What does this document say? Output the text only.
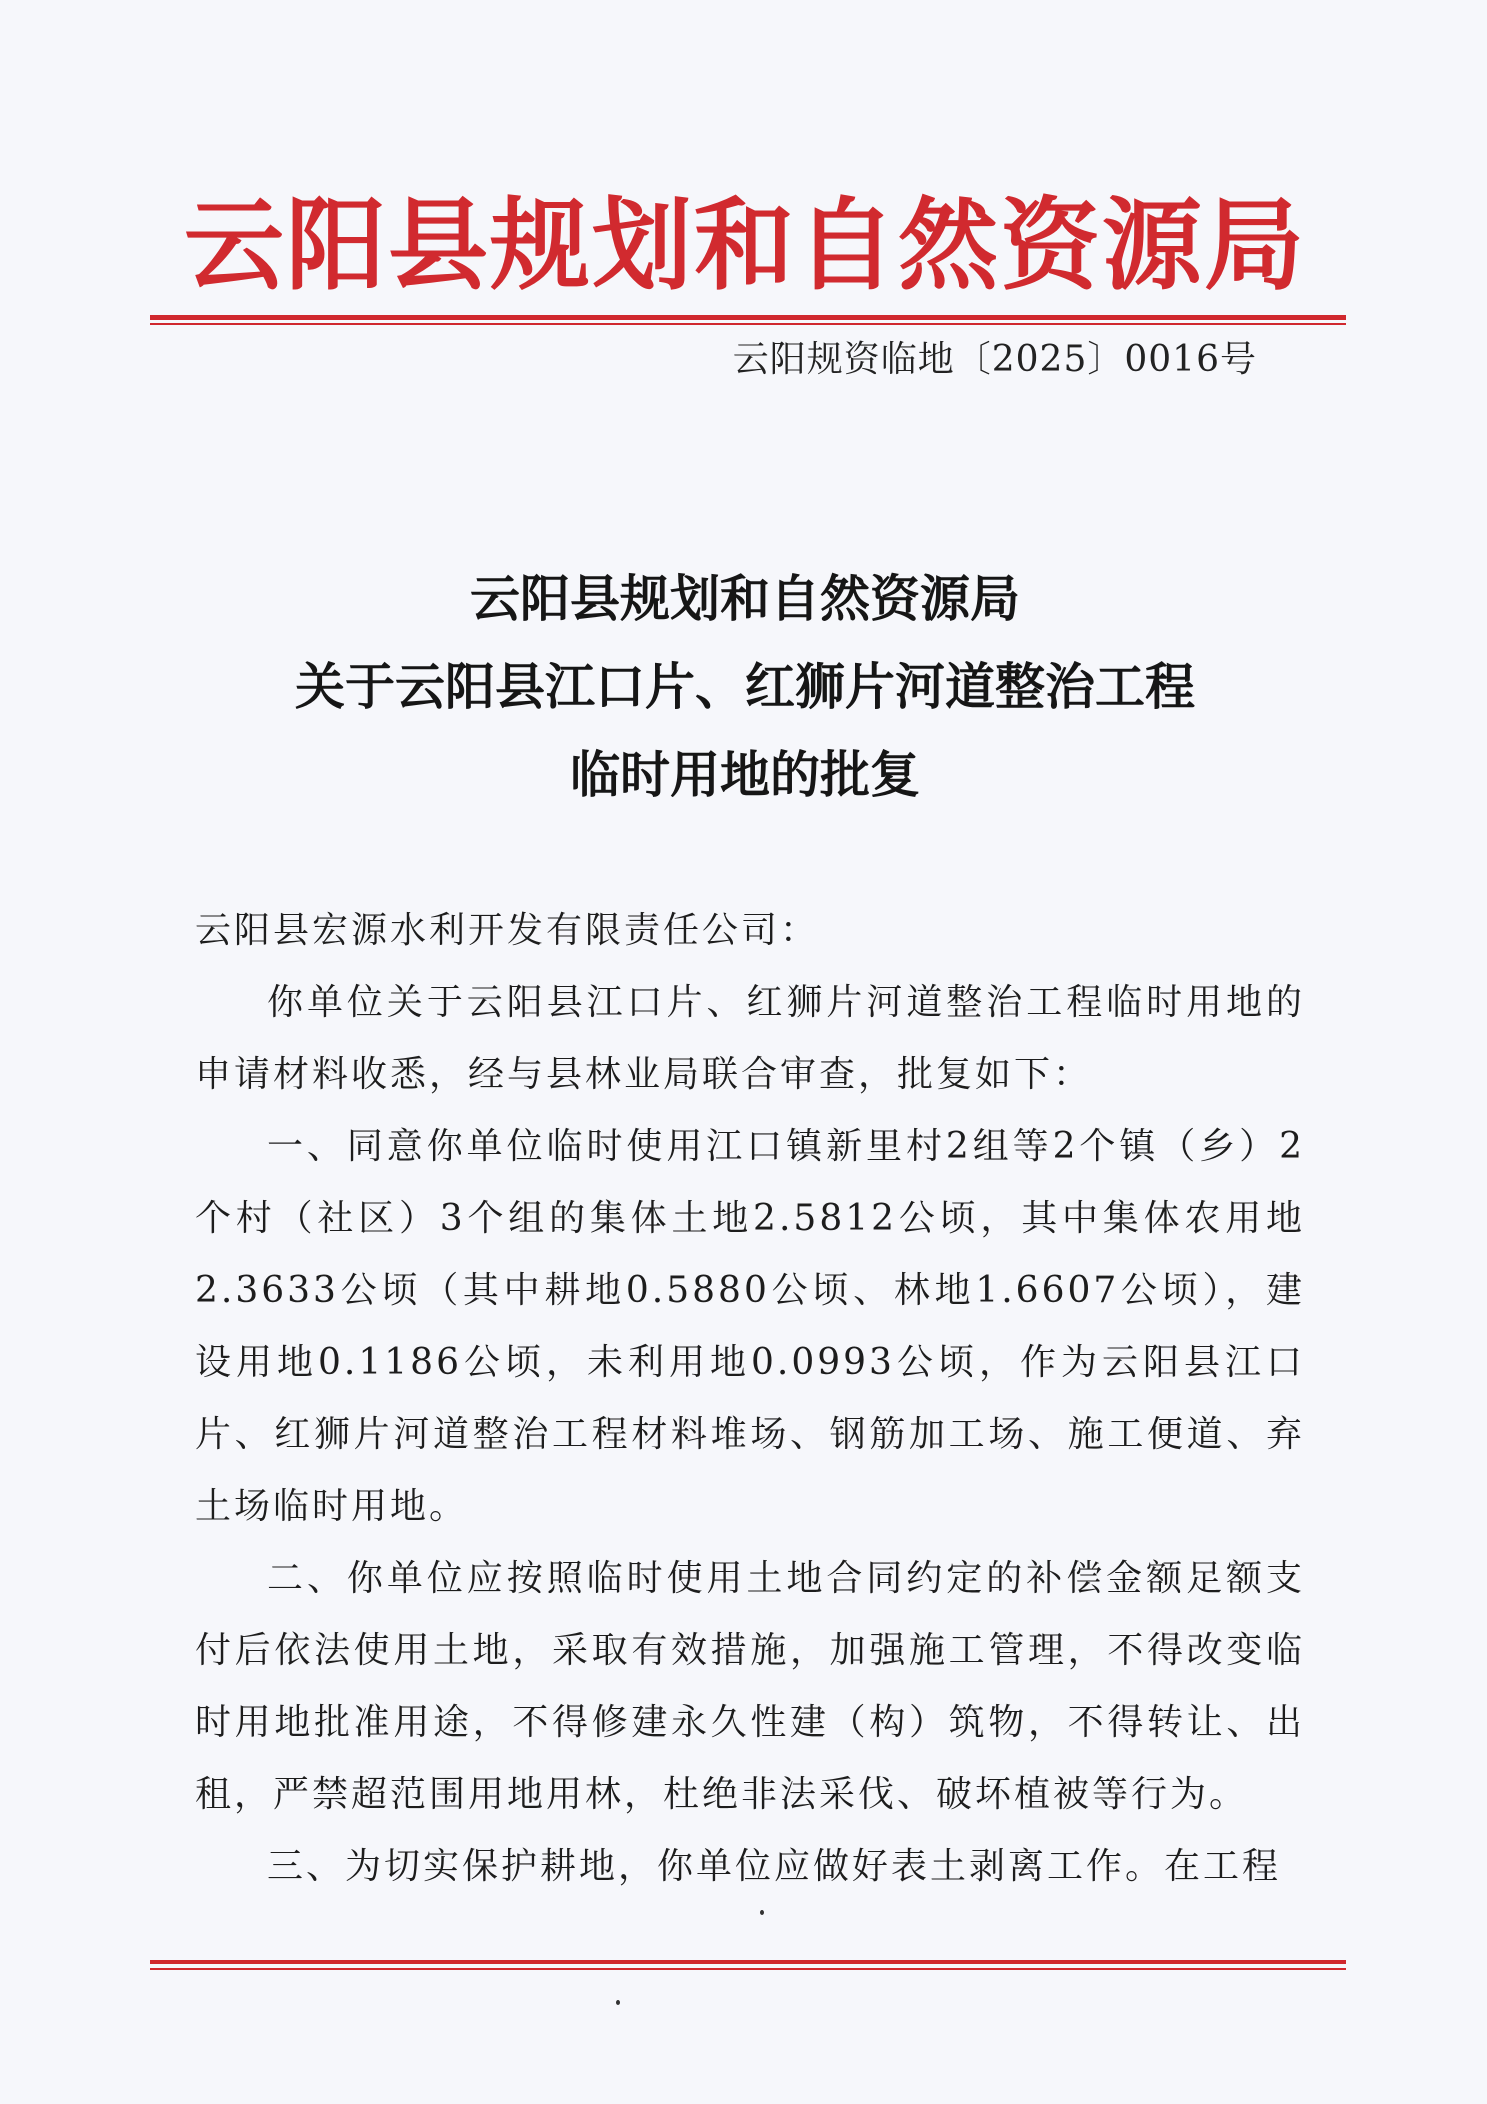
云阳县规划和自然资源局
云阳规资临地〔2025〕0016号
云阳县规划和自然资源局
关于云阳县江口片、红狮片河道整治工程
临时用地的批复

云阳县宏源水利开发有限责任公司：

你单位关于云阳县江口片、红狮片河道整治工程临时用地的申请材料收悉，经与县林业局联合审查，批复如下：

一、同意你单位临时使用江口镇新里村2组等2个镇（乡）2个村（社区）3个组的集体土地2.5812公顷，其中集体农用地2.3633公顷（其中耕地0.5880公顷、林地1.6607公顷），建设用地0.1186公顷，未利用地0.0993公顷，作为云阳县江口片、红狮片河道整治工程材料堆场、钢筋加工场、施工便道、弃土场临时用地。

二、你单位应按照临时使用土地合同约定的补偿金额足额支付后依法使用土地，采取有效措施，加强施工管理，不得改变临时用地批准用途，不得修建永久性建（构）筑物，不得转让、出租，严禁超范围用地用林，杜绝非法采伐、破坏植被等行为。

三、为切实保护耕地，你单位应做好表土剥离工作。在工程
